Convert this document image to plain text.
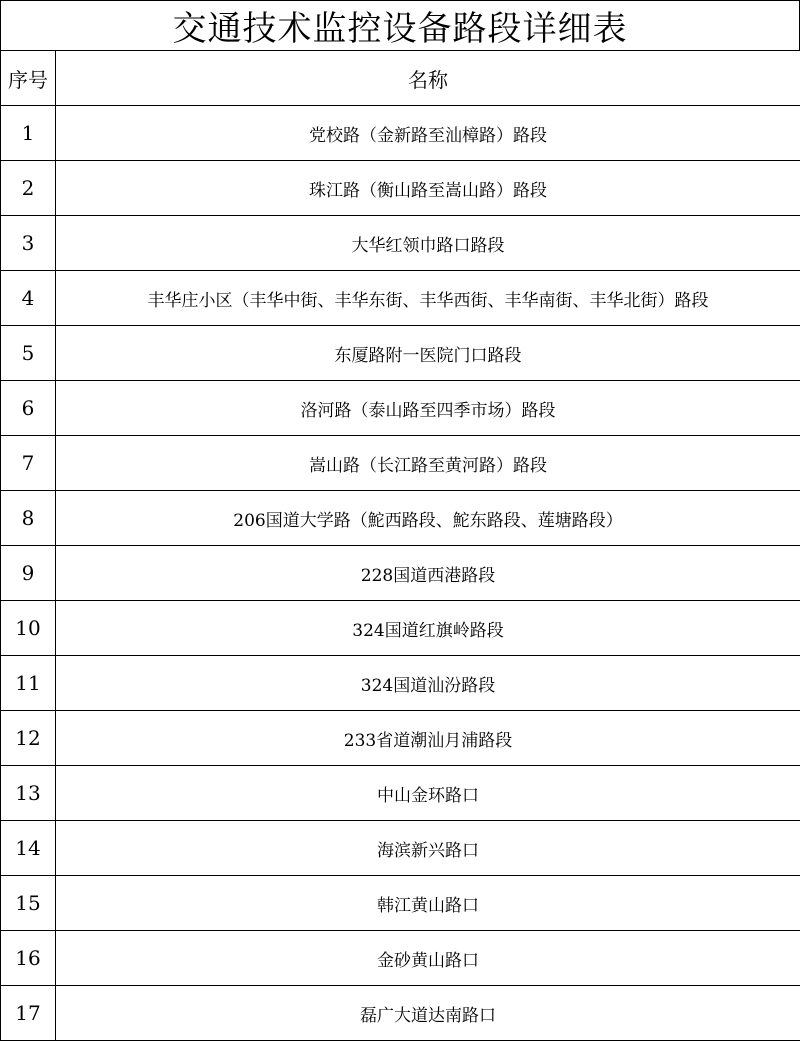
交通技术监控设备路段详细表
序号	名称
1	党校路（金新路至汕樟路）路段
2	珠江路（衡山路至嵩山路）路段
3	大华红领巾路口路段
4	丰华庄小区（丰华中街、丰华东街、丰华西街、丰华南街、丰华北街）路段
5	东厦路附一医院门口路段
6	洛河路（泰山路至四季市场）路段
7	嵩山路（长江路至黄河路）路段
8	206国道大学路（鮀西路段、鮀东路段、莲塘路段）
9	228国道西港路段
10	324国道红旗岭路段
11	324国道汕汾路段
12	233省道潮汕月浦路段
13	中山金环路口
14	海滨新兴路口
15	韩江黄山路口
16	金砂黄山路口
17	磊广大道达南路口
